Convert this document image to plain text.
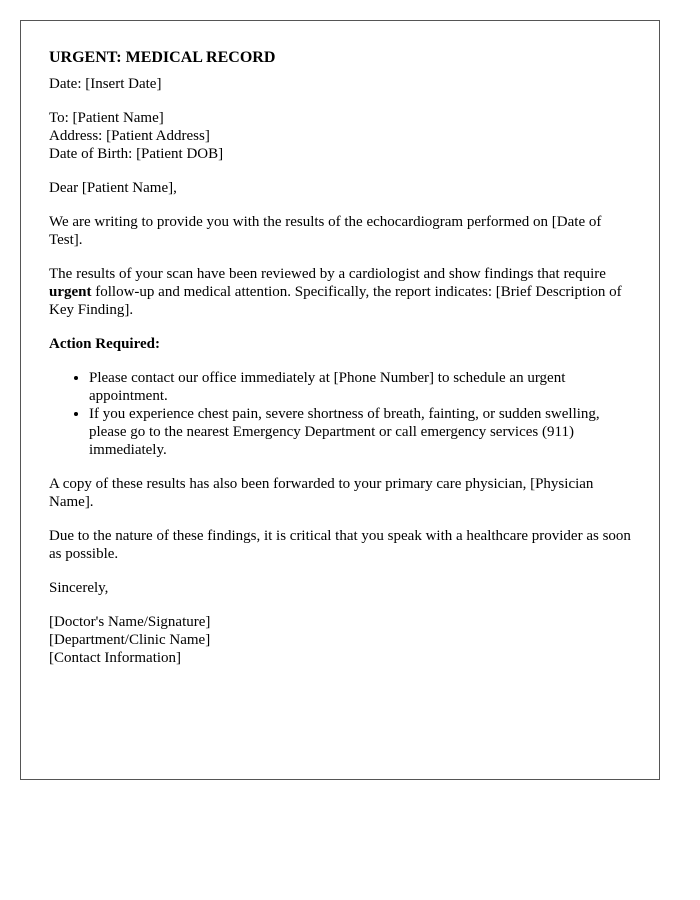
URGENT: MEDICAL RECORD

Date: [Insert Date]

To: [Patient Name]

Address: [Patient Address]

Date of Birth: [Patient DOB]

Dear [Patient Name],

We are writing to provide you with the results of the echocardiogram performed on [Date of Test].

The results of your scan have been reviewed by a cardiologist and show findings that require urgent follow-up and medical attention. Specifically, the report indicates: [Brief Description of Key Finding].

Action Required:
• Please contact our office immediately at [Phone Number] to schedule an urgent appointment.
• If you experience chest pain, severe shortness of breath, fainting, or sudden swelling, please go to the nearest Emergency Department or call emergency services (911) immediately.

A copy of these results has also been forwarded to your primary care physician, [Physician Name].

Due to the nature of these findings, it is critical that you speak with a healthcare provider as soon as possible.

Sincerely,

[Doctor's Name/Signature]

[Department/Clinic Name]

[Contact Information]
